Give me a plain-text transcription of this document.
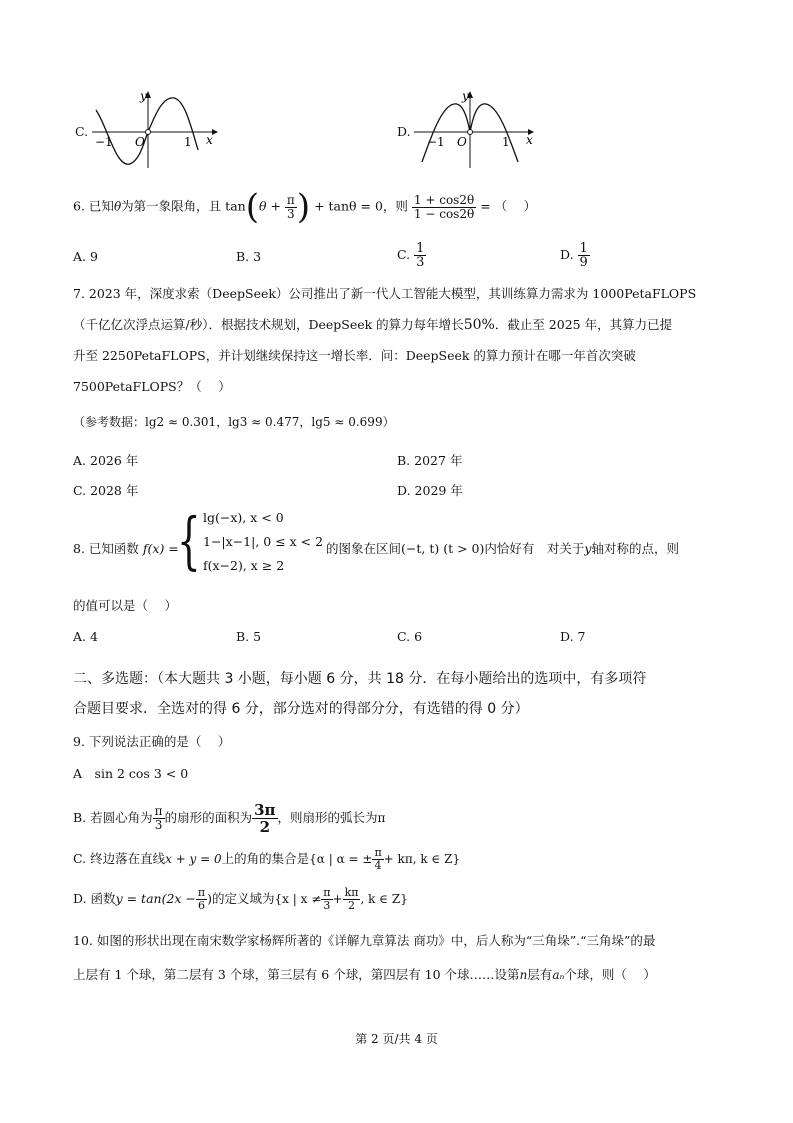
C.
−1 O	1 x
y
D.
−1 O	1 x
y
6. 已知θ为第一象限角，且 $\tan(\theta + \frac{\pi}{3}$ ) + tanθ = 0，则 $\frac{1 + \cos 2\theta}{1 - \cos 2\theta}$ = （　 ）
A. 9	B. 3	C. $\frac{1}{3}$	D. $\frac{1}{9}$
7. 2023 年，深度求索（DeepSeek）公司推出了新一代人工智能大模型，其训练算力需求为 1000PetaFLOPS
（千亿亿次浮点运算/秒）．根据技术规划，DeepSeek 的算力每年增长50%．截止至 2025 年，其算力已提
升至 2250PetaFLOPS，并计划继续保持这一增长率．问：DeepSeek 的算力预计在哪一年首次突破
7500PetaFLOPS？（　 ）
（参考数据：lg2 ≈ 0.301，lg3 ≈ 0.477，lg5 ≈ 0.699）
A. 2026 年	B. 2027 年
C. 2028 年	D. 2029 年
8. 已知函数 f(x) =
{ lg(−x), x < 0
1−|x−1|, 0 ≤ x < 2
f(x−2), x ≥ 2
的图象在区间(−t, t) (t > 0)内恰好有　对关于y轴对称的点，则
的值可以是（　 ）
A. 4	B. 5	C. 6	D. 7
二、多选题：（本大题共 3 小题，每小题 6 分，共 18 分．在每小题给出的选项中，有多项符
合题目要求．全选对的得 6 分，部分选对的得部分分，有选错的得 0 分）
9. 下列说法正确的是（　 ）
A　 sin 2 cos 3 < 0
B. 若圆心角为 $\frac{\pi}{3}$ 的扇形的面积为 $\frac{3\pi}{2}$ ，则扇形的弧长为π
C. 终边落在直线x + y = 0上的角的集合是{α | α = ± $\frac{\pi}{4} + k\pi$, k ∈ Z}
D. 函数$y = \tan(2x - \frac{\pi}{6}$ )的定义域为{x | $x \ne \frac{\pi}{3} + \frac{k\pi}{2}$ , k ∈ Z}
10. 如图的形状出现在南宋数学家杨辉所著的《详解九章算法 商功》中，后人称为“三角垛”.“三角垛”的最
上层有 1 个球，第二层有 3 个球，第三层有 6 个球，第四层有 10 个球……设第n层有aₙ个球，则（　 ）
第 2 页/共 4 页
